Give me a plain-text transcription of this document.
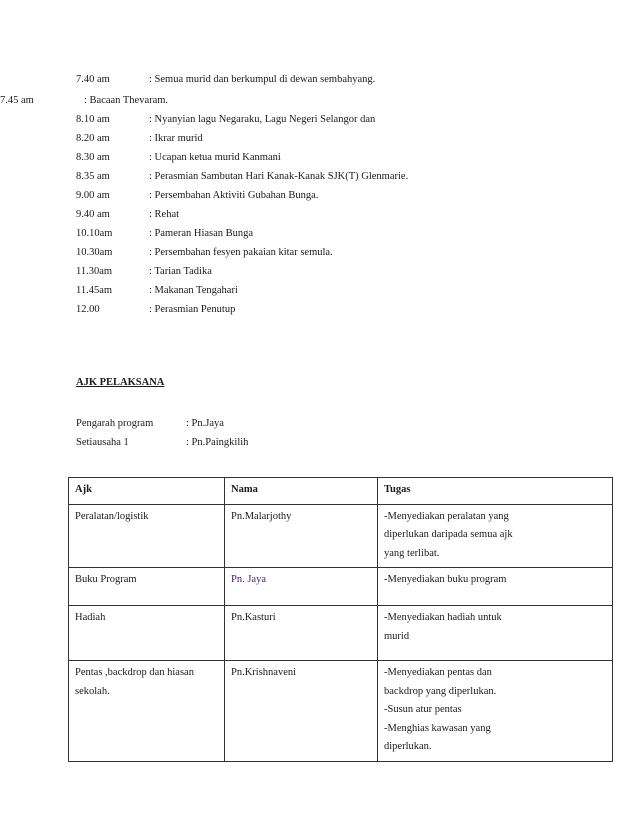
7.40 am	: Semua murid dan berkumpul di dewan sembahyang.
7.45 am	: Bacaan Thevaram.
8.10 am	: Nyanyian lagu Negaraku, Lagu Negeri Selangor dan
8.20 am	: Ikrar murid
8.30 am	: Ucapan ketua murid Kanmani
8.35 am	: Perasmian Sambutan Hari Kanak-Kanak SJK(T) Glenmarie.
9.00 am	: Persembahan Aktiviti Gubahan Bunga.
9.40 am	: Rehat
10.10am	: Pameran Hiasan Bunga
10.30am	: Persembahan fesyen pakaian kitar semula.
11.30am	: Tarian Tadika
11.45am	: Makanan Tengahari
12.00	: Perasmian Penutup
AJK PELAKSANA
Pengarah program	: Pn.Jaya
Setiausaha 1	: Pn.Paingkilih
Ajk	Nama	Tugas
Peralatan/logistik	Pn.Malarjothy	-Menyediakan peralatan yang
diperlukan daripada semua ajk
yang terlibat.

Buku Program	Pn. Jaya	-Menyediakan buku program

Hadiah	Pn.Kasturi	-Menyediakan hadiah untuk
murid

Pentas ,backdrop dan hiasan sekolah.	Pn.Krishnaveni	-Menyediakan pentas dan
backdrop yang diperlukan.
-Susun atur pentas
-Menghias kawasan yang
diperlukan.
